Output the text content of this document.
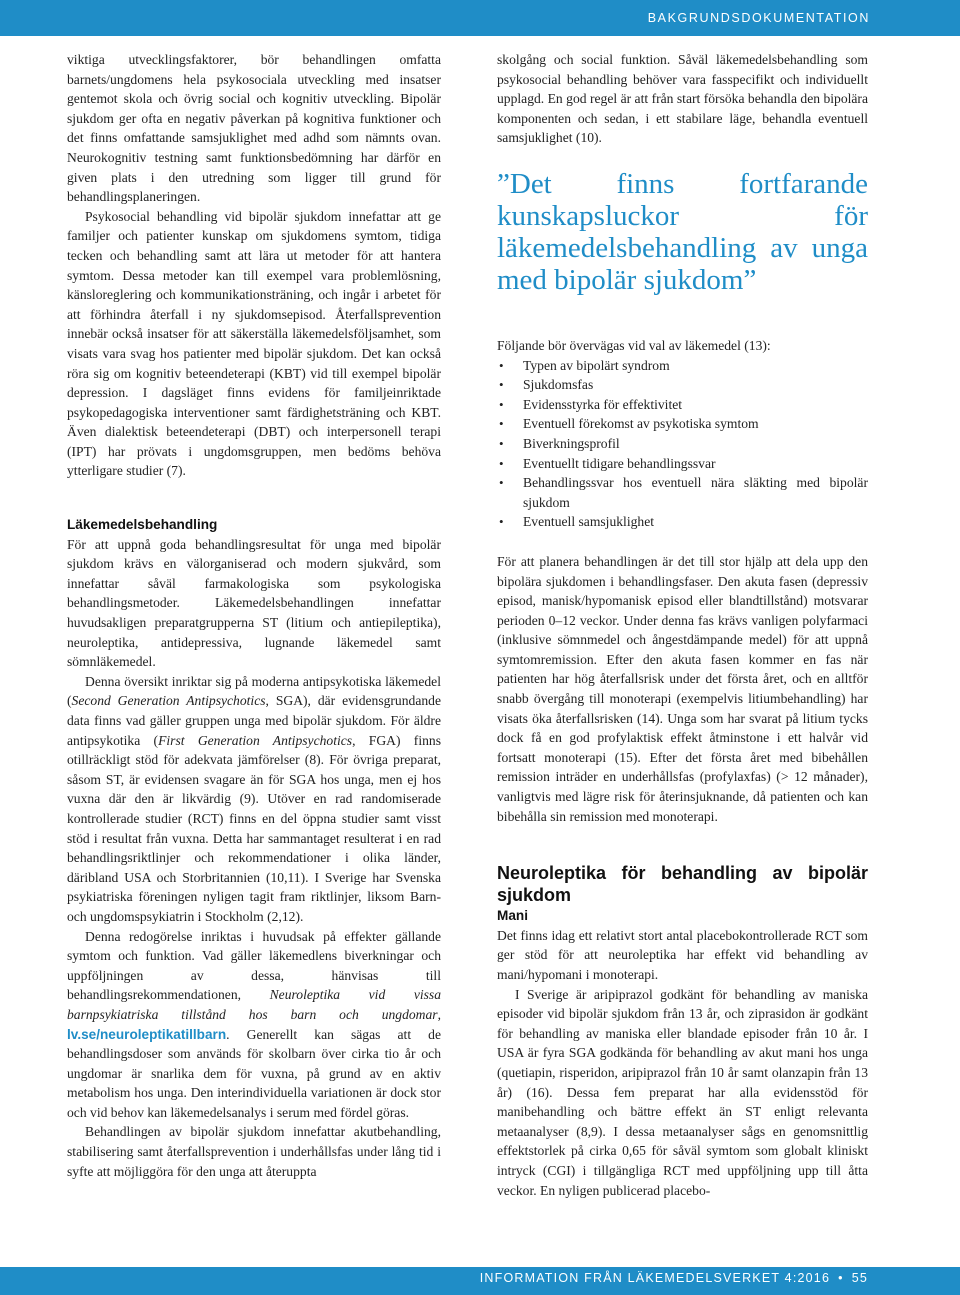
BAKGRUNDSDOKUMENTATION

viktiga utvecklingsfaktorer, bör behandlingen omfatta barnets/ungdomens hela psykosociala utveckling med insatser gentemot skola och övrig social och kognitiv utveckling. Bipolär sjukdom ger ofta en negativ påverkan på kognitiva funktioner och det finns omfattande samsjuklighet med adhd som nämnts ovan. Neurokognitiv testning samt funktionsbedömning har därför en given plats i den utredning som ligger till grund för behandlingsplaneringen.

Psykosocial behandling vid bipolär sjukdom innefattar att ge familjer och patienter kunskap om sjukdomens symtom, tidiga tecken och behandling samt att lära ut metoder för att hantera symtom. Dessa metoder kan till exempel vara problemlösning, känsloreglering och kommunikationsträning, och ingår i arbetet för att förhindra återfall i ny sjukdomsepisod. Återfallsprevention innebär också insatser för att säkerställa läkemedelsföljsamhet, som visats vara svag hos patienter med bipolär sjukdom. Det kan också röra sig om kognitiv beteendeterapi (KBT) vid till exempel bipolär depression. I dagsläget finns evidens för familjeinriktade psykopedagogiska interventioner samt färdighetsträning och KBT. Även dialektisk beteendeterapi (DBT) och interpersonell terapi (IPT) har prövats i ungdomsgruppen, men bedöms behöva ytterligare studier (7).

Läkemedelsbehandling

För att uppnå goda behandlingsresultat för unga med bipolär sjukdom krävs en välorganiserad och modern sjukvård, som innefattar såväl farmakologiska som psykologiska behandlingsmetoder. Läkemedelsbehandlingen innefattar huvudsakligen preparatgrupperna ST (litium och antiepileptika), neuroleptika, antidepressiva, lugnande läkemedel samt sömnläkemedel.

Denna översikt inriktar sig på moderna antipsykotiska läkemedel (Second Generation Antipsychotics, SGA), där evidensgrundande data finns vad gäller gruppen unga med bipolär sjukdom. För äldre antipsykotika (First Generation Antipsychotics, FGA) finns otillräckligt stöd för adekvata jämförelser (8). För övriga preparat, såsom ST, är evidensen svagare än för SGA hos unga, men ej hos vuxna där den är likvärdig (9). Utöver en rad randomiserade kontrollerade studier (RCT) finns en del öppna studier samt visst stöd i resultat från vuxna. Detta har sammantaget resulterat i en rad behandlingsriktlinjer och rekommendationer i olika länder, däribland USA och Storbritannien (10,11). I Sverige har Svenska psykiatriska föreningen nyligen tagit fram riktlinjer, liksom Barn- och ungdomspsykiatrin i Stockholm (2,12).

Denna redogörelse inriktas i huvudsak på effekter gällande symtom och funktion. Vad gäller läkemedlens biverkningar och uppföljningen av dessa, hänvisas till behandlingsrekommendationen, Neuroleptika vid vissa barnpsykiatriska tillstånd hos barn och ungdomar, lv.se/neuroleptikatillbarn. Generellt kan sägas att de behandlingsdoser som används för skolbarn över cirka tio år och ungdomar är snarlika dem för vuxna, på grund av en aktiv metabolism hos unga. Den interindividuella variationen är dock stor och vid behov kan läkemedelsanalys i serum med fördel göras.

Behandlingen av bipolär sjukdom innefattar akutbehandling, stabilisering samt återfallsprevention i underhållsfas under lång tid i syfte att möjliggöra för den unga att återuppta

skolgång och social funktion. Såväl läkemedelsbehandling som psykosocial behandling behöver vara fasspecifikt och individuellt upplagd. En god regel är att från start försöka behandla den bipolära komponenten och sedan, i ett stabilare läge, behandla eventuell samsjuklighet (10).

”Det finns fortfarande kunskapsluckor för läkemedelsbehandling av unga med bipolär sjukdom”

Följande bör övervägas vid val av läkemedel (13):

• Typen av bipolärt syndrom
• Sjukdomsfas
• Evidensstyrka för effektivitet
• Eventuell förekomst av psykotiska symtom
• Biverkningsprofil
• Eventuellt tidigare behandlingssvar
• Behandlingssvar hos eventuell nära släkting med bipolär sjukdom
• Eventuell samsjuklighet

För att planera behandlingen är det till stor hjälp att dela upp den bipolära sjukdomen i behandlingsfaser. Den akuta fasen (depressiv episod, manisk/hypomanisk episod eller blandtillstånd) motsvarar perioden 0–12 veckor. Under denna fas krävs vanligen polyfarmaci (inklusive sömnmedel och ångestdämpande medel) för att uppnå symtomremission. Efter den akuta fasen kommer en fas när patienten har hög återfallsrisk under det första året, och en alltför snabb övergång till monoterapi (exempelvis litiumbehandling) har visats öka återfallsrisken (14). Unga som har svarat på litium tycks dock få en god profylaktisk effekt åtminstone i ett halvår vid fortsatt monoterapi (15). Efter det första året med bibehållen remission inträder en underhållsfas (profylaxfas) (> 12 månader), vanligtvis med lägre risk för återinsjuknande, då patienten och kan bibehålla sin remission med monoterapi.

Neuroleptika för behandling av bipolär sjukdom

Mani

Det finns idag ett relativt stort antal placebokontrollerade RCT som ger stöd för att neuroleptika har effekt vid behandling av mani/hypomani i monoterapi.

I Sverige är aripiprazol godkänt för behandling av maniska episoder vid bipolär sjukdom från 13 år, och ziprasidon är godkänt för behandling av maniska eller blandade episoder från 10 år. I USA är fyra SGA godkända för behandling av akut mani hos unga (quetiapin, risperidon, aripiprazol från 10 år samt olanzapin från 13 år) (16). Dessa fem preparat har alla evidensstöd för manibehandling och bättre effekt än ST enligt relevanta metaanalyser (8,9). I dessa metaanalyser sågs en genomsnittlig effektstorlek på cirka 0,65 för såväl symtom som globalt kliniskt intryck (CGI) i tillgängliga RCT med uppföljning upp till åtta veckor. En nyligen publicerad placebo-

INFORMATION FRÅN LÄKEMEDELSVERKET 4:2016 • 55
